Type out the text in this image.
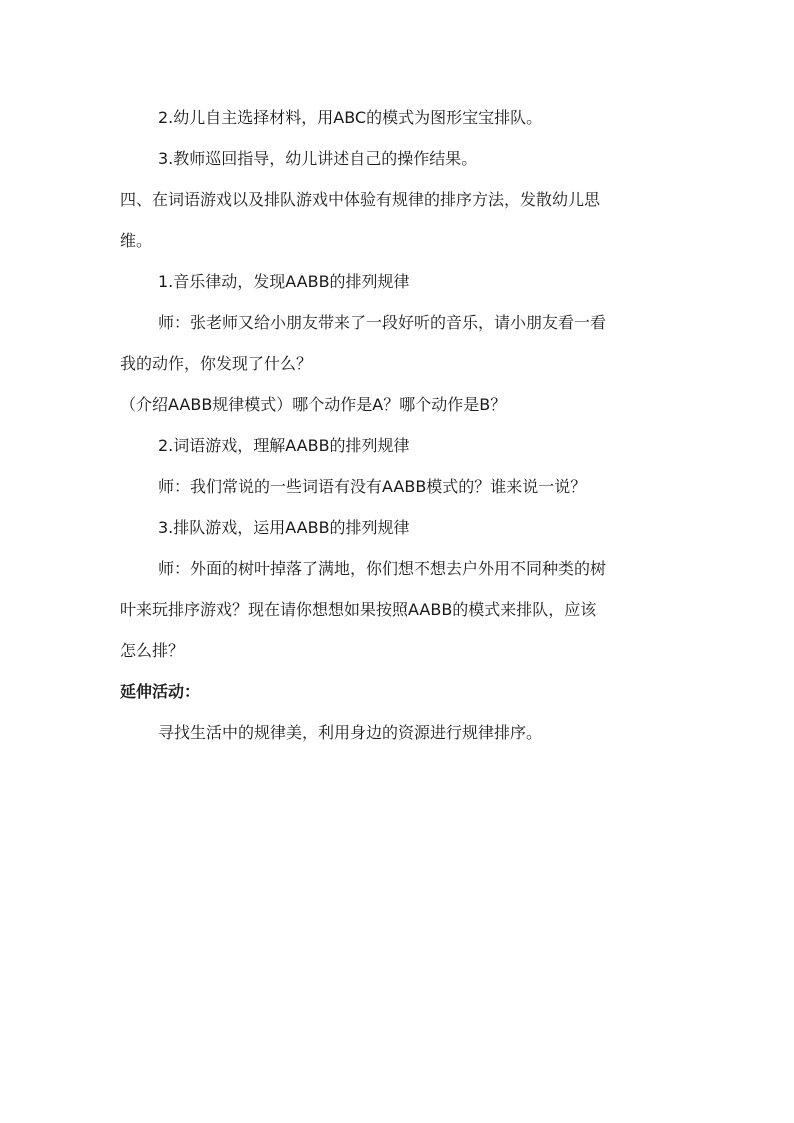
2.幼儿自主选择材料，用ABC的模式为图形宝宝排队。
3.教师巡回指导，幼儿讲述自己的操作结果。
四、在词语游戏以及排队游戏中体验有规律的排序方法，发散幼儿思
维。
1.音乐律动，发现AABB的排列规律
师：张老师又给小朋友带来了一段好听的音乐，请小朋友看一看
我的动作，你发现了什么？
（介绍AABB规律模式）哪个动作是A？哪个动作是B？
2.词语游戏，理解AABB的排列规律
师：我们常说的一些词语有没有AABB模式的？谁来说一说？
3.排队游戏，运用AABB的排列规律
师：外面的树叶掉落了满地，你们想不想去户外用不同种类的树
叶来玩排序游戏？现在请你想想如果按照AABB的模式来排队，应该
怎么排？
延伸活动：
寻找生活中的规律美，利用身边的资源进行规律排序。
